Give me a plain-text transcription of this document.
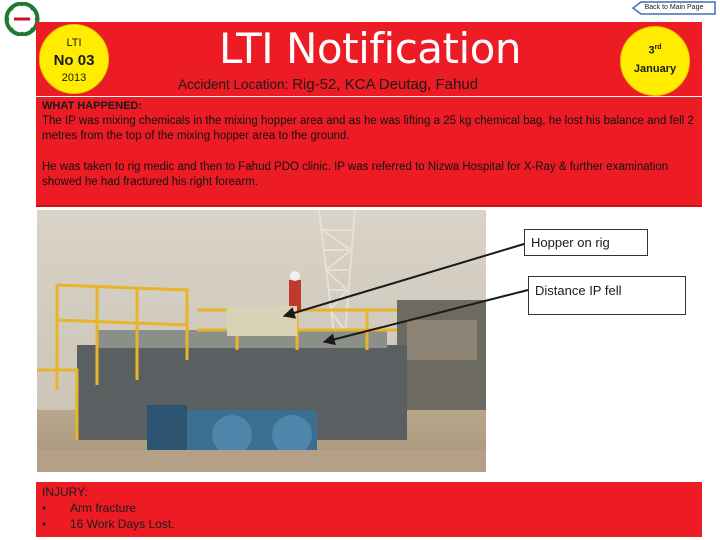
Back to Main Page
LTI
No 03
2013
LTI Notification	3rd
January
Accident Location: Rig-52, KCA Deutag, Fahud
WHAT HAPPENED:
The IP was mixing chemicals in the mixing hopper area and as he was lifting a 25 kg chemical bag, he lost his balance and fell 2 metres from the top of the mixing hopper area to the ground.
He was taken to rig medic and then to Fahud PDO clinic. IP was referred to Nizwa Hospital for X-Ray & further examination showed he had fractured his right forearm.
Hopper on rig
Distance IP fell
INJURY:
• Arm fracture
• 16 Work Days Lost.
